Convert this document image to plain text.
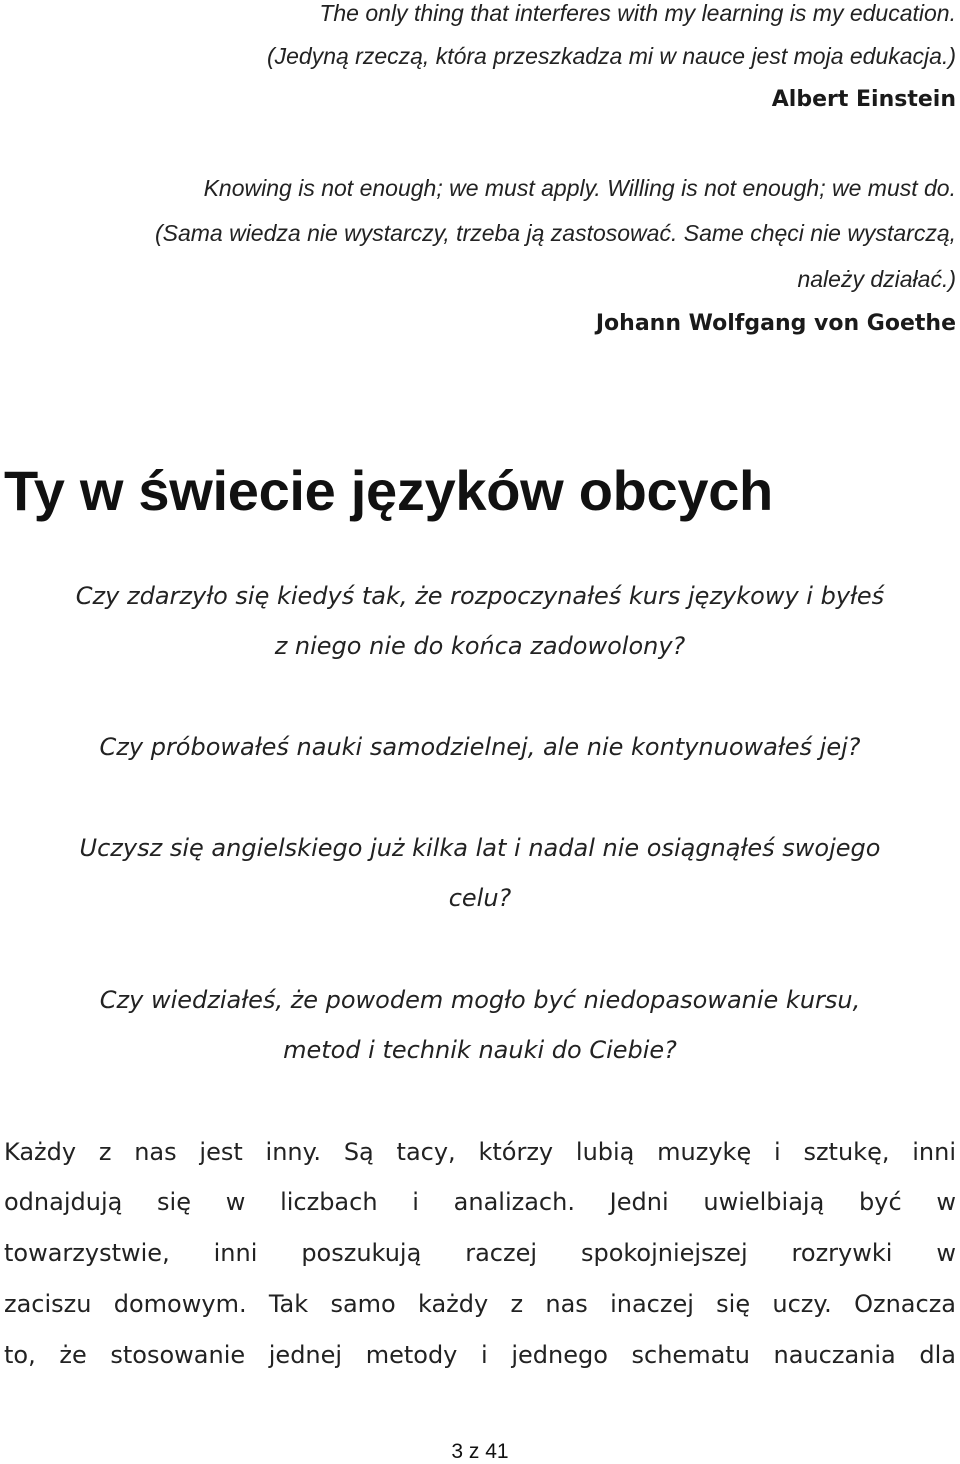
The only thing that interferes with my learning is my education.
(Jedyną rzeczą, która przeszkadza mi w nauce jest moja edukacja.)
Albert Einstein
Knowing is not enough; we must apply. Willing is not enough; we must do.
(Sama wiedza nie wystarczy, trzeba ją zastosować. Same chęci nie wystarczą,
należy działać.)
Johann Wolfgang von Goethe
Ty w świecie języków obcych
Czy zdarzyło się kiedyś tak, że rozpoczynałeś kurs językowy i byłeś
z niego nie do końca zadowolony?
Czy próbowałeś nauki samodzielnej, ale nie kontynuowałeś jej?
Uczysz się angielskiego już kilka lat i nadal nie osiągnąłeś swojego
celu?
Czy wiedziałeś, że powodem mogło być niedopasowanie kursu,
metod i technik nauki do Ciebie?
Każdy z nas jest inny. Są tacy, którzy lubią muzykę i sztukę, inni
odnajdują się w liczbach i analizach. Jedni uwielbiają być w
towarzystwie, inni poszukują raczej spokojniejszej rozrywki w
zaciszu domowym. Tak samo każdy z nas inaczej się uczy. Oznacza
to, że stosowanie jednej metody i jednego schematu nauczania dla
3 z 41
